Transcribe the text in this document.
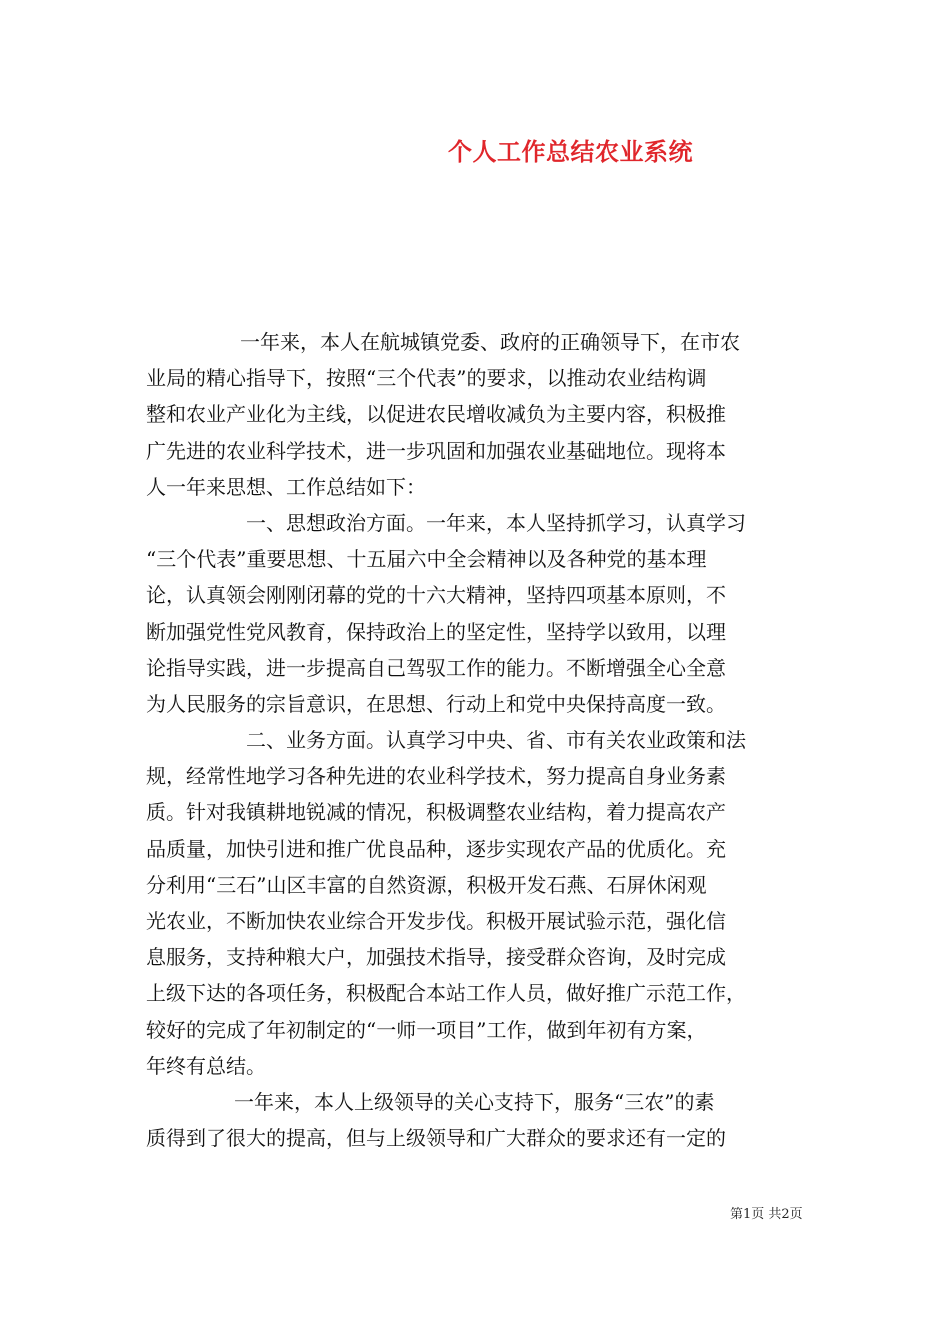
个人工作总结农业系统
一年来，本人在航城镇党委、政府的正确领导下，在市农
业局的精心指导下，按照“三个代表”的要求，以推动农业结构调
整和农业产业化为主线，以促进农民增收减负为主要内容，积极推
广先进的农业科学技术，进一步巩固和加强农业基础地位。现将本
人一年来思想、工作总结如下：
一、思想政治方面。一年来，本人坚持抓学习，认真学习
“三个代表”重要思想、十五届六中全会精神以及各种党的基本理
论，认真领会刚刚闭幕的党的十六大精神，坚持四项基本原则，不
断加强党性党风教育，保持政治上的坚定性，坚持学以致用，以理
论指导实践，进一步提高自己驾驭工作的能力。不断增强全心全意
为人民服务的宗旨意识，在思想、行动上和党中央保持高度一致。
二、业务方面。认真学习中央、省、市有关农业政策和法
规，经常性地学习各种先进的农业科学技术，努力提高自身业务素
质。针对我镇耕地锐减的情况，积极调整农业结构，着力提高农产
品质量，加快引进和推广优良品种，逐步实现农产品的优质化。充
分利用“三石”山区丰富的自然资源，积极开发石燕、石屏休闲观
光农业，不断加快农业综合开发步伐。积极开展试验示范，强化信
息服务，支持种粮大户，加强技术指导，接受群众咨询，及时完成
上级下达的各项任务，积极配合本站工作人员，做好推广示范工作，
较好的完成了年初制定的“一师一项目”工作，做到年初有方案，
年终有总结。
一年来，本人上级领导的关心支持下，服务“三农”的素
质得到了很大的提高，但与上级领导和广大群众的要求还有一定的
第1页 共2页
